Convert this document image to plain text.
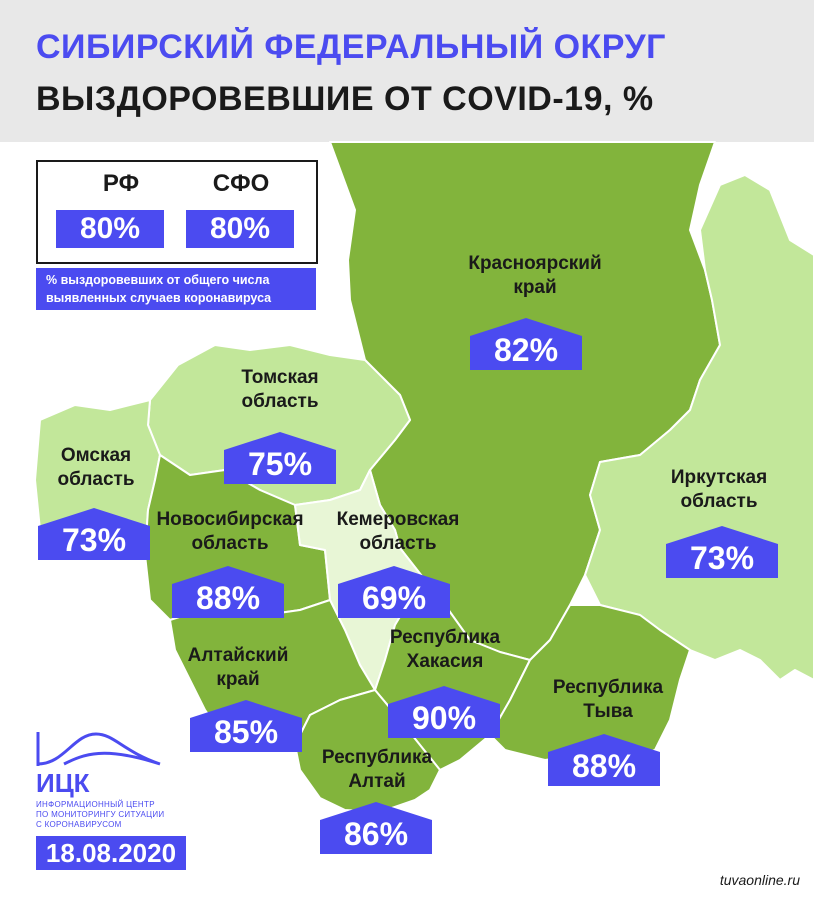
СИБИРСКИЙ ФЕДЕРАЛЬНЫЙ ОКРУГ
ВЫЗДОРОВЕВШИЕ ОТ COVID-19, %
РФ
80%
СФО
80%
% выздоровевших от общего числа
выявленных случаев коронавируса
Красноярский
край
82%
Томская
область
75%
Омская
область
73%
Новосибирская
область
88%
Кемеровская
область
69%
Иркутская
область
73%
Республика
Хакасия
90%
Алтайский
край
85%
Республика
Тыва
88%
Республика
Алтай
86%
ИЦК
ИНФОРМАЦИОННЫЙ ЦЕНТР
ПО МОНИТОРИНГУ СИТУАЦИИ
С КОРОНАВИРУСОМ
18.08.2020
tuvaonline.ru
